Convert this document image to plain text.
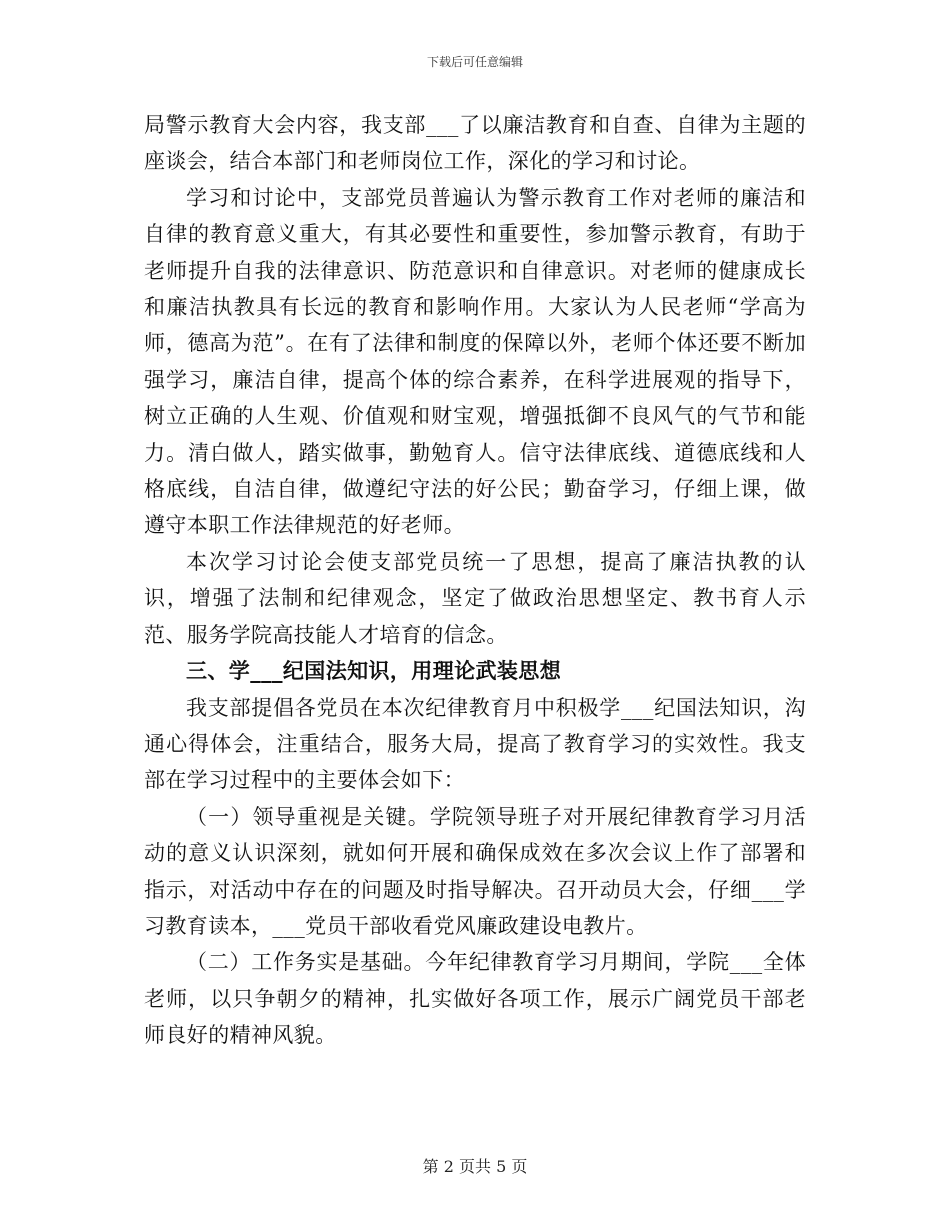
下载后可任意编辑

局警示教育大会内容，我支部___了以廉洁教育和自查、自律为主题的座谈会，结合本部门和老师岗位工作，深化的学习和讨论。

学习和讨论中，支部党员普遍认为警示教育工作对老师的廉洁和自律的教育意义重大，有其必要性和重要性，参加警示教育，有助于老师提升自我的法律意识、防范意识和自律意识。对老师的健康成长和廉洁执教具有长远的教育和影响作用。大家认为人民老师“学高为师，德高为范”。在有了法律和制度的保障以外，老师个体还要不断加强学习，廉洁自律，提高个体的综合素养，在科学进展观的指导下，树立正确的人生观、价值观和财宝观，增强抵御不良风气的气节和能力。清白做人，踏实做事，勤勉育人。信守法律底线、道德底线和人格底线，自洁自律，做遵纪守法的好公民；勤奋学习，仔细上课，做遵守本职工作法律规范的好老师。

本次学习讨论会使支部党员统一了思想，提高了廉洁执教的认识，增强了法制和纪律观念，坚定了做政治思想坚定、教书育人示范、服务学院高技能人才培育的信念。

三、学___纪国法知识，用理论武装思想

我支部提倡各党员在本次纪律教育月中积极学___纪国法知识，沟通心得体会，注重结合，服务大局，提高了教育学习的实效性。我支部在学习过程中的主要体会如下：

（一）领导重视是关键。学院领导班子对开展纪律教育学习月活动的意义认识深刻，就如何开展和确保成效在多次会议上作了部署和指示，对活动中存在的问题及时指导解决。召开动员大会，仔细___学习教育读本，___党员干部收看党风廉政建设电教片。

（二）工作务实是基础。今年纪律教育学习月期间，学院___全体老师，以只争朝夕的精神，扎实做好各项工作，展示广阔党员干部老师良好的精神风貌。

第 2 页共 5 页
